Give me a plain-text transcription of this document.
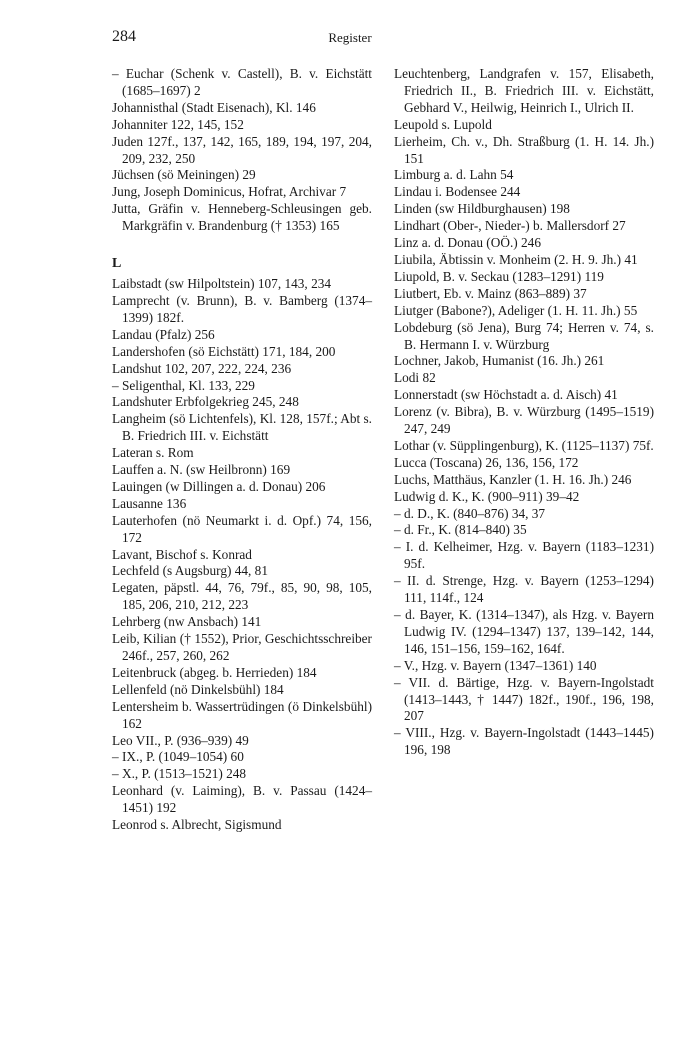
284	Register

– Euchar (Schenk v. Castell), B. v. Eichstätt (1685–1697) 2

Johannisthal (Stadt Eisenach), Kl. 146

Johanniter 122, 145, 152

Juden 127f., 137, 142, 165, 189, 194, 197, 204, 209, 232, 250

Jüchsen (sö Meiningen) 29

Jung, Joseph Dominicus, Hofrat, Archivar 7

Jutta, Gräfin v. Henneberg-Schleusingen geb. Markgräfin v. Brandenburg († 1353) 165

L

Laibstadt (sw Hilpoltstein) 107, 143, 234

Lamprecht (v. Brunn), B. v. Bamberg (1374–1399) 182f.

Landau (Pfalz) 256

Landershofen (sö Eichstätt) 171, 184, 200

Landshut 102, 207, 222, 224, 236

– Seligenthal, Kl. 133, 229

Landshuter Erbfolgekrieg 245, 248

Langheim (sö Lichtenfels), Kl. 128, 157f.; Abt s. B. Friedrich III. v. Eichstätt

Lateran s. Rom

Lauffen a. N. (sw Heilbronn) 169

Lauingen (w Dillingen a. d. Donau) 206

Lausanne 136

Lauterhofen (nö Neumarkt i. d. Opf.) 74, 156, 172

Lavant, Bischof s. Konrad

Lechfeld (s Augsburg) 44, 81

Legaten, päpstl. 44, 76, 79f., 85, 90, 98, 105, 185, 206, 210, 212, 223

Lehrberg (nw Ansbach) 141

Leib, Kilian († 1552), Prior, Geschichtsschreiber 246f., 257, 260, 262

Leitenbruck (abgeg. b. Herrieden) 184

Lellenfeld (nö Dinkelsbühl) 184

Lentersheim b. Wassertrüdingen (ö Dinkelsbühl) 162

Leo VII., P. (936–939) 49

– IX., P. (1049–1054) 60

– X., P. (1513–1521) 248

Leonhard (v. Laiming), B. v. Passau (1424–1451) 192

Leonrod s. Albrecht, Sigismund

Leuchtenberg, Landgrafen v. 157, Elisabeth, Friedrich II., B. Friedrich III. v. Eichstätt, Gebhard V., Heilwig, Heinrich I., Ulrich II.

Leupold s. Lupold

Lierheim, Ch. v., Dh. Straßburg (1. H. 14. Jh.) 151

Limburg a. d. Lahn 54

Lindau i. Bodensee 244

Linden (sw Hildburghausen) 198

Lindhart (Ober-, Nieder-) b. Mallersdorf 27

Linz a. d. Donau (OÖ.) 246

Liubila, Äbtissin v. Monheim (2. H. 9. Jh.) 41

Liupold, B. v. Seckau (1283–1291) 119

Liutbert, Eb. v. Mainz (863–889) 37

Liutger (Babone?), Adeliger (1. H. 11. Jh.) 55

Lobdeburg (sö Jena), Burg 74; Herren v. 74, s. B. Hermann I. v. Würzburg

Lochner, Jakob, Humanist (16. Jh.) 261

Lodi 82

Lonnerstadt (sw Höchstadt a. d. Aisch) 41

Lorenz (v. Bibra), B. v. Würzburg (1495–1519) 247, 249

Lothar (v. Süpplingenburg), K. (1125–1137) 75f.

Lucca (Toscana) 26, 136, 156, 172

Luchs, Matthäus, Kanzler (1. H. 16. Jh.) 246

Ludwig d. K., K. (900–911) 39–42

– d. D., K. (840–876) 34, 37

– d. Fr., K. (814–840) 35

– I. d. Kelheimer, Hzg. v. Bayern (1183–1231) 95f.

– II. d. Strenge, Hzg. v. Bayern (1253–1294) 111, 114f., 124

– d. Bayer, K. (1314–1347), als Hzg. v. Bayern Ludwig IV. (1294–1347) 137, 139–142, 144, 146, 151–156, 159–162, 164f.

– V., Hzg. v. Bayern (1347–1361) 140

– VII. d. Bärtige, Hzg. v. Bayern-Ingolstadt (1413–1443, † 1447) 182f., 190f., 196, 198, 207

– VIII., Hzg. v. Bayern-Ingolstadt (1443–1445) 196, 198
